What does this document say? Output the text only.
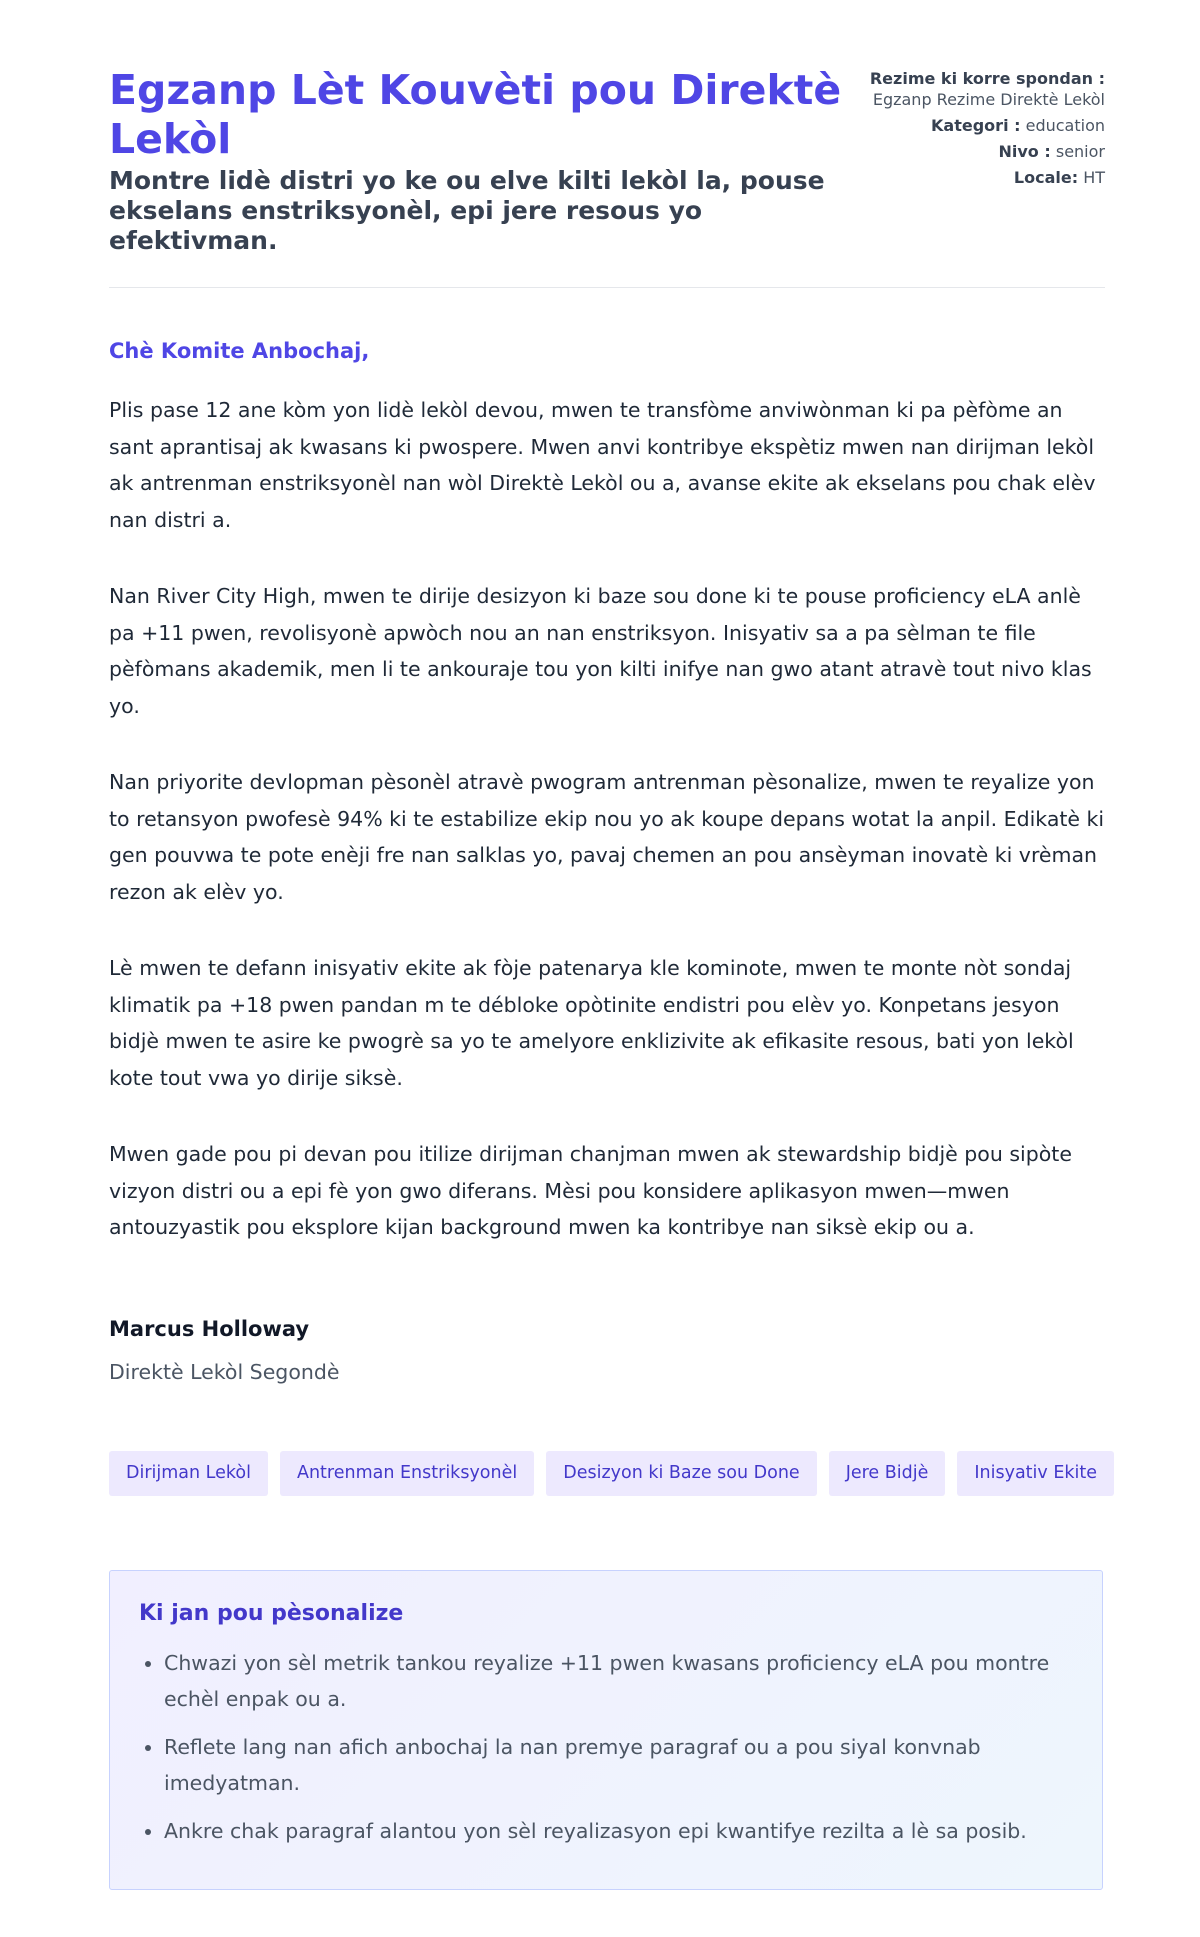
Egzanp Lèt Kouvèti pou Direktè Lekòl

Montre lidè distri yo ke ou elve kilti lekòl la, pouse ekselans enstriksyonèl, epi jere resous yo efektivman.

Rezime ki korre spondan : Egzanp Rezime Direktè Lekòl
Kategori : education
Nivo : senior
Locale: HT

Chè Komite Anbochaj,

Plis pase 12 ane kòm yon lidè lekòl devou, mwen te transfòme anviwònman ki pa pèfòme an sant aprantisaj ak kwasans ki pwospere. Mwen anvi kontribye ekspètiz mwen nan dirijman lekòl ak antrenman enstriksyonèl nan wòl Direktè Lekòl ou a, avanse ekite ak ekselans pou chak elèv nan distri a.

Nan River City High, mwen te dirije desizyon ki baze sou done ki te pouse proficiency eLA anlè pa +11 pwen, revolisyonè apwòch nou an nan enstriksyon. Inisyativ sa a pa sèlman te file pèfòmans akademik, men li te ankouraje tou yon kilti inifye nan gwo atant atravè tout nivo klas yo.

Nan priyorite devlopman pèsonèl atravè pwogram antrenman pèsonalize, mwen te reyalize yon to retansyon pwofesè 94% ki te estabilize ekip nou yo ak koupe depans wotat la anpil. Edikatè ki gen pouvwa te pote enèji fre nan salklas yo, pavaj chemen an pou ansèyman inovatè ki vrèman rezon ak elèv yo.

Lè mwen te defann inisyativ ekite ak fòje patenarya kle kominote, mwen te monte nòt sondaj klimatik pa +18 pwen pandan m te débloke opòtinite endistri pou elèv yo. Konpetans jesyon bidjè mwen te asire ke pwogrè sa yo te amelyore enklizivite ak efikasite resous, bati yon lekòl kote tout vwa yo dirije siksè.

Mwen gade pou pi devan pou itilize dirijman chanjman mwen ak stewardship bidjè pou sipòte vizyon distri ou a epi fè yon gwo diferans. Mèsi pou konsidere aplikasyon mwen—mwen antouzyastik pou eksplore kijan background mwen ka kontribye nan siksè ekip ou a.

Marcus Holloway
Direktè Lekòl Segondè
Dirijman Lekòl	Antrenman Enstriksyonèl	Desizyon ki Baze sou Done	Jere Bidjè	Inisyativ Ekite
Ki jan pou pèsonalize
• Chwazi yon sèl metrik tankou reyalize +11 pwen kwasans proficiency eLA pou montre echèl enpak ou a.
• Reflete lang nan afich anbochaj la nan premye paragraf ou a pou siyal konvnab imedyatman.
• Ankre chak paragraf alantou yon sèl reyalizasyon epi kwantifye rezilta a lè sa posib.
